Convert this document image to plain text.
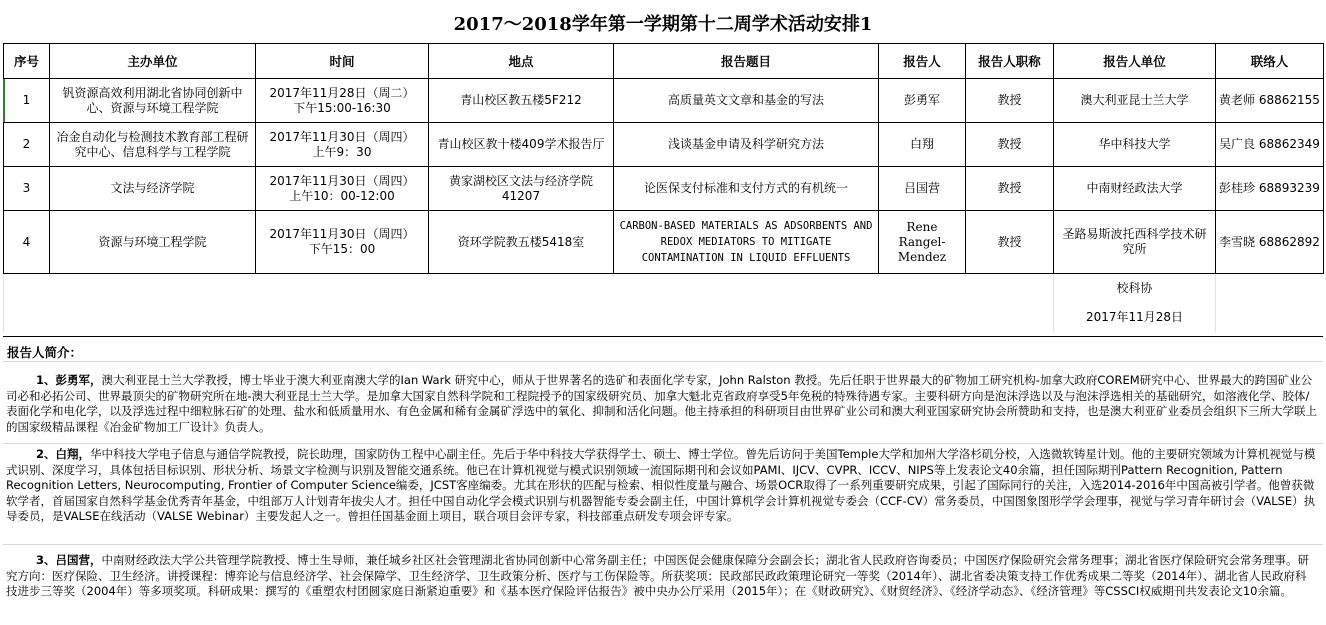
2017～2018学年第一学期第十二周学术活动安排1
序号	主办单位	时间	地点	报告题目	报告人	报告人职称	报告人单位	联络人
1	钒资源高效利用湖北省协同创新中心、资源与环境工程学院	2017年11月28日（周二）
下午15:00-16:30	青山校区教五楼5F212	高质量英文文章和基金的写法	彭勇军	教授	澳大利亚昆士兰大学	黄老师 68862155
2	冶金自动化与检测技术教育部工程研究中心、信息科学与工程学院	2017年11月30日（周四）
上午9：30	青山校区教十楼409学术报告厅	浅谈基金申请及科学研究方法	白翔	教授	华中科技大学	吴广良 68862349
3	文法与经济学院	2017年11月30日（周四）
上午10：00-12:00	黄家湖校区文法与经济学院41207	论医保支付标准和支付方式的有机统一	吕国营	教授	中南财经政法大学	彭桂珍 68893239
4	资源与环境工程学院	2017年11月30日（周四）
下午15：00	资环学院教五楼5418室	CARBON-BASED MATERIALS AS ADSORBENTS AND REDOX MEDIATORS TO MITIGATE CONTAMINATION IN LIQUID EFFLUENTS	Rene Rangel-Mendez	教授	圣路易斯波托西科学技术研究所	李雪晓 68862892
							校科协	
							2017年11月28日	
报告人简介：
1、彭勇军，澳大利亚昆士兰大学教授，博士毕业于澳大利亚南澳大学的Ian Wark 研究中心，师从于世界著名的选矿和表面化学专家，John Ralston 教授。先后任职于世界最大的矿物加工研究机构-加拿大政府COREM研究中心、世界最大的跨国矿业公司必和必拓公司、世界最顶尖的矿物研究所在地-澳大利亚昆士兰大学。是加拿大国家自然科学院和工程院授予的国家级研究员、加拿大魁北克省政府享受5年免税的特殊待遇专家。主要科研方向是泡沫浮选以及与泡沫浮选相关的基础研究，如溶液化学、胶体/表面化学和电化学，以及浮选过程中细粒脉石矿的处理、盐水和低质量用水、有色金属和稀有金属矿浮选中的氧化、抑制和活化问题。他主持承担的科研项目由世界矿业公司和澳大利亚国家研究协会所赞助和支持，也是澳大利亚矿业委员会组织下三所大学联上的国家级精品课程《冶金矿物加工厂设计》负责人。
2、白翔，华中科技大学电子信息与通信学院教授，院长助理，国家防伪工程中心副主任。先后于华中科技大学获得学士、硕士、博士学位。曾先后访问于美国Temple大学和加州大学洛杉矶分校，入选微软铸星计划。他的主要研究领域为计算机视觉与模式识别、深度学习，具体包括目标识别、形状分析、场景文字检测与识别及智能交通系统。他已在计算机视觉与模式识别领域一流国际期刊和会议如PAMI、IJCV、CVPR、ICCV、NIPS等上发表论文40余篇，担任国际期刊Pattern Recognition, Pattern Recognition Letters, Neurocomputing, Frontier of Computer Science编委，JCST客座编委。尤其在形状的匹配与检索、相似性度量与融合、场景OCR取得了一系列重要研究成果，引起了国际同行的关注，入选2014-2016年中国高被引学者。他曾获微软学者，首届国家自然科学基金优秀青年基金，中组部万人计划青年拔尖人才。担任中国自动化学会模式识别与机器智能专委会副主任，中国计算机学会计算机视觉专委会（CCF-CV）常务委员，中国图象图形学学会理事，视觉与学习青年研讨会（VALSE）执导委员，是VALSE在线活动（VALSE Webinar）主要发起人之一。曾担任国基金面上项目，联合项目会评专家，科技部重点研发专项会评专家。
3、吕国营，中南财经政法大学公共管理学院教授、博士生导师，兼任城乡社区社会管理湖北省协同创新中心常务副主任；中国医促会健康保障分会副会长；湖北省人民政府咨询委员；中国医疗保险研究会常务理事；湖北省医疗保险研究会常务理事。研究方向：医疗保险、卫生经济。讲授课程：博弈论与信息经济学、社会保障学、卫生经济学、卫生政策分析、医疗与工伤保险等。所获奖项：民政部民政政策理论研究一等奖（2014年）、湖北省委决策支持工作优秀成果二等奖（2014年）、湖北省人民政府科技进步三等奖（2004年）等多项奖项。科研成果：撰写的《重塑农村团圆家庭日渐紧迫重要》和《基本医疗保险评估报告》被中央办公厅采用（2015年）；在《财政研究》、《财贸经济》、《经济学动态》、《经济管理》等CSSCI权威期刊共发表论文10余篇。
